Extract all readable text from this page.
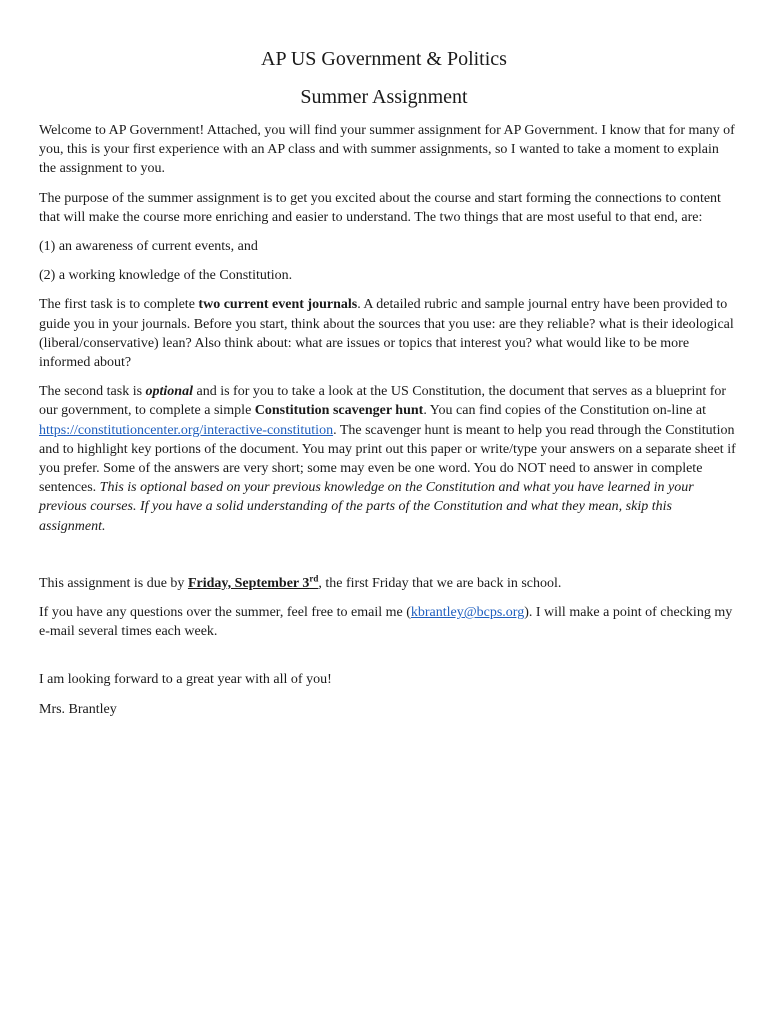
AP US Government & Politics
Summer Assignment

Welcome to AP Government! Attached, you will find your summer assignment for AP Government. I know that for many of you, this is your first experience with an AP class and with summer assignments, so I wanted to take a moment to explain the assignment to you.

The purpose of the summer assignment is to get you excited about the course and start forming the connections to content that will make the course more enriching and easier to understand. The two things that are most useful to that end, are:

(1) an awareness of current events, and

(2) a working knowledge of the Constitution.

The first task is to complete two current event journals. A detailed rubric and sample journal entry have been provided to guide you in your journals. Before you start, think about the sources that you use: are they reliable? what is their ideological (liberal/conservative) lean? Also think about: what are issues or topics that interest you? what would like to be more informed about?

The second task is optional and is for you to take a look at the US Constitution, the document that serves as a blueprint for our government, to complete a simple Constitution scavenger hunt. You can find copies of the Constitution on-line at https://constitutioncenter.org/interactive-constitution. The scavenger hunt is meant to help you read through the Constitution and to highlight key portions of the document. You may print out this paper or write/type your answers on a separate sheet if you prefer. Some of the answers are very short; some may even be one word. You do NOT need to answer in complete sentences. This is optional based on your previous knowledge on the Constitution and what you have learned in your previous courses. If you have a solid understanding of the parts of the Constitution and what they mean, skip this assignment.

This assignment is due by Friday, September 3rd, the first Friday that we are back in school.

If you have any questions over the summer, feel free to email me (kbrantley@bcps.org). I will make a point of checking my e-mail several times each week.

I am looking forward to a great year with all of you!

Mrs. Brantley
